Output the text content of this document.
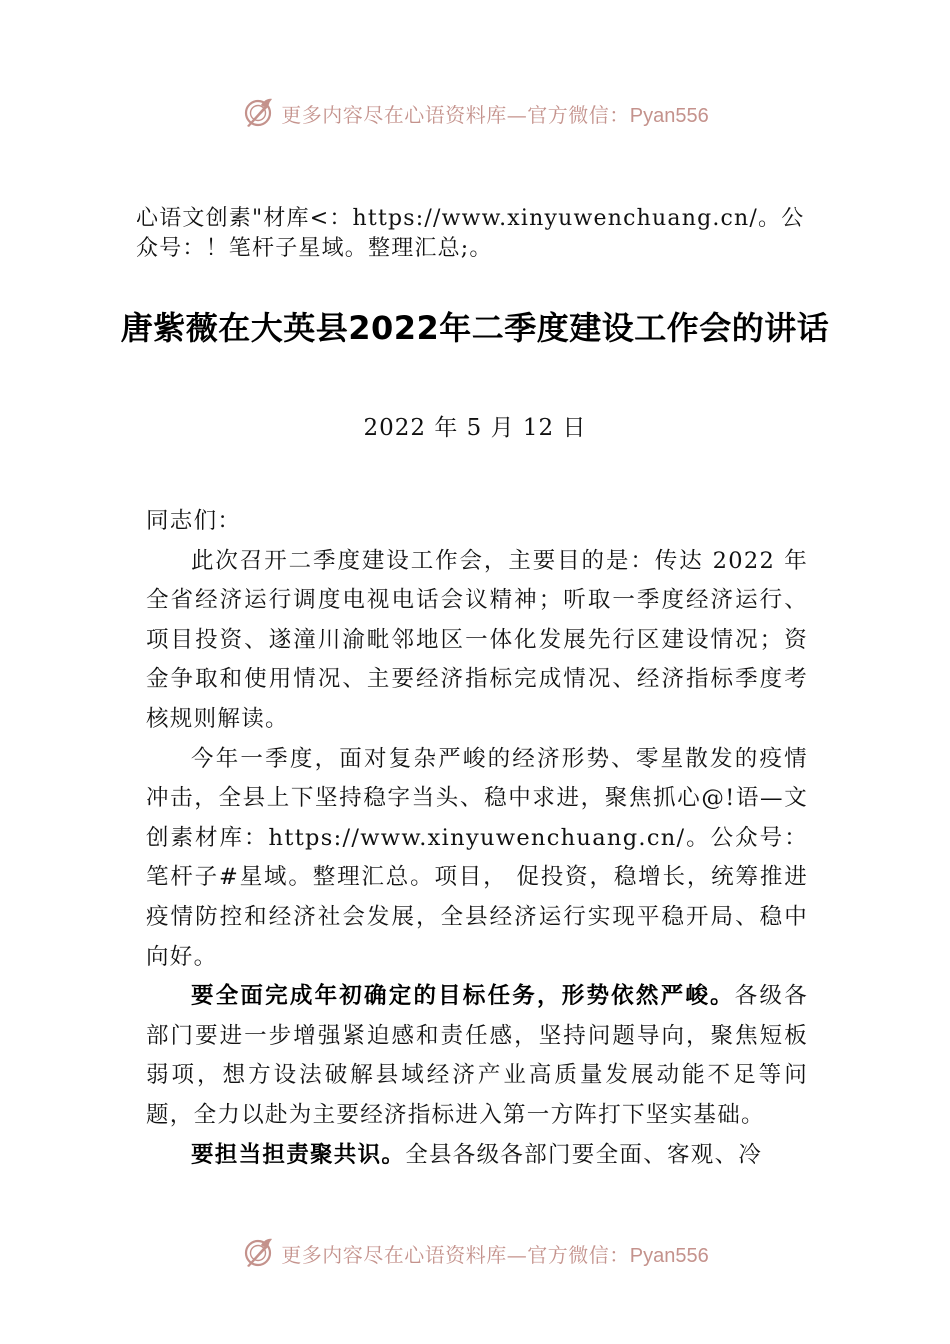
更多内容尽在心语资料库—官方微信：Pyan556

心语文创素"材库<：https://www.xinyuwenchuang.cn/。公众号：！笔杆子星域。整理汇总;。

唐紫薇在大英县2022年二季度建设工作会的讲话

2022 年 5 月 12 日

同志们：

此次召开二季度建设工作会，主要目的是：传达 2022 年全省经济运行调度电视电话会议精神；听取一季度经济运行、项目投资、遂潼川渝毗邻地区一体化发展先行区建设情况；资金争取和使用情况、主要经济指标完成情况、经济指标季度考核规则解读。

今年一季度，面对复杂严峻的经济形势、零星散发的疫情冲击，全县上下坚持稳字当头、稳中求进，聚焦抓心@!语—文创素材库：https://www.xinyuwenchuang.cn/。公众号：笔杆子#星域。整理汇总。项目， 促投资，稳增长，统筹推进疫情防控和经济社会发展，全县经济运行实现平稳开局、稳中向好。

要全面完成年初确定的目标任务，形势依然严峻。各级各部门要进一步增强紧迫感和责任感，坚持问题导向，聚焦短板弱项，想方设法破解县域经济产业高质量发展动能不足等问题，全力以赴为主要经济指标进入第一方阵打下坚实基础。

要担当担责聚共识。全县各级各部门要全面、客观、冷

更多内容尽在心语资料库—官方微信：Pyan556
